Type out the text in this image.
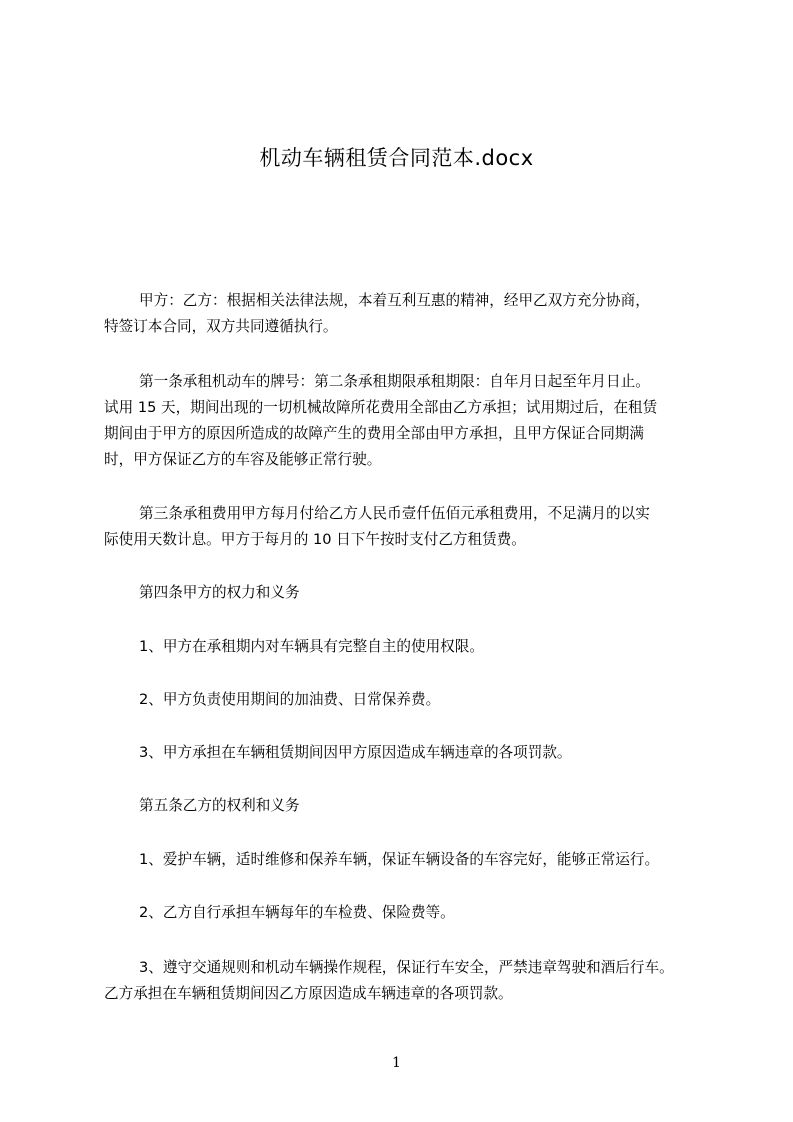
机动车辆租赁合同范本.docx
甲方：乙方：根据相关法律法规，本着互利互惠的精神，经甲乙双方充分协商，
特签订本合同，双方共同遵循执行。
第一条承租机动车的牌号：第二条承租期限承租期限：自年月日起至年月日止。
试用 15 天，期间出现的一切机械故障所花费用全部由乙方承担；试用期过后，在租赁
期间由于甲方的原因所造成的故障产生的费用全部由甲方承担，且甲方保证合同期满
时，甲方保证乙方的车容及能够正常行驶。
第三条承租费用甲方每月付给乙方人民币壹仟伍佰元承租费用，不足满月的以实
际使用天数计息。甲方于每月的 10 日下午按时支付乙方租赁费。
第四条甲方的权力和义务
1、甲方在承租期内对车辆具有完整自主的使用权限。
2、甲方负责使用期间的加油费、日常保养费。
3、甲方承担在车辆租赁期间因甲方原因造成车辆违章的各项罚款。
第五条乙方的权利和义务
1、爱护车辆，适时维修和保养车辆，保证车辆设备的车容完好，能够正常运行。
2、乙方自行承担车辆每年的车检费、保险费等。
3、遵守交通规则和机动车辆操作规程，保证行车安全，严禁违章驾驶和酒后行车。
乙方承担在车辆租赁期间因乙方原因造成车辆违章的各项罚款。
1
